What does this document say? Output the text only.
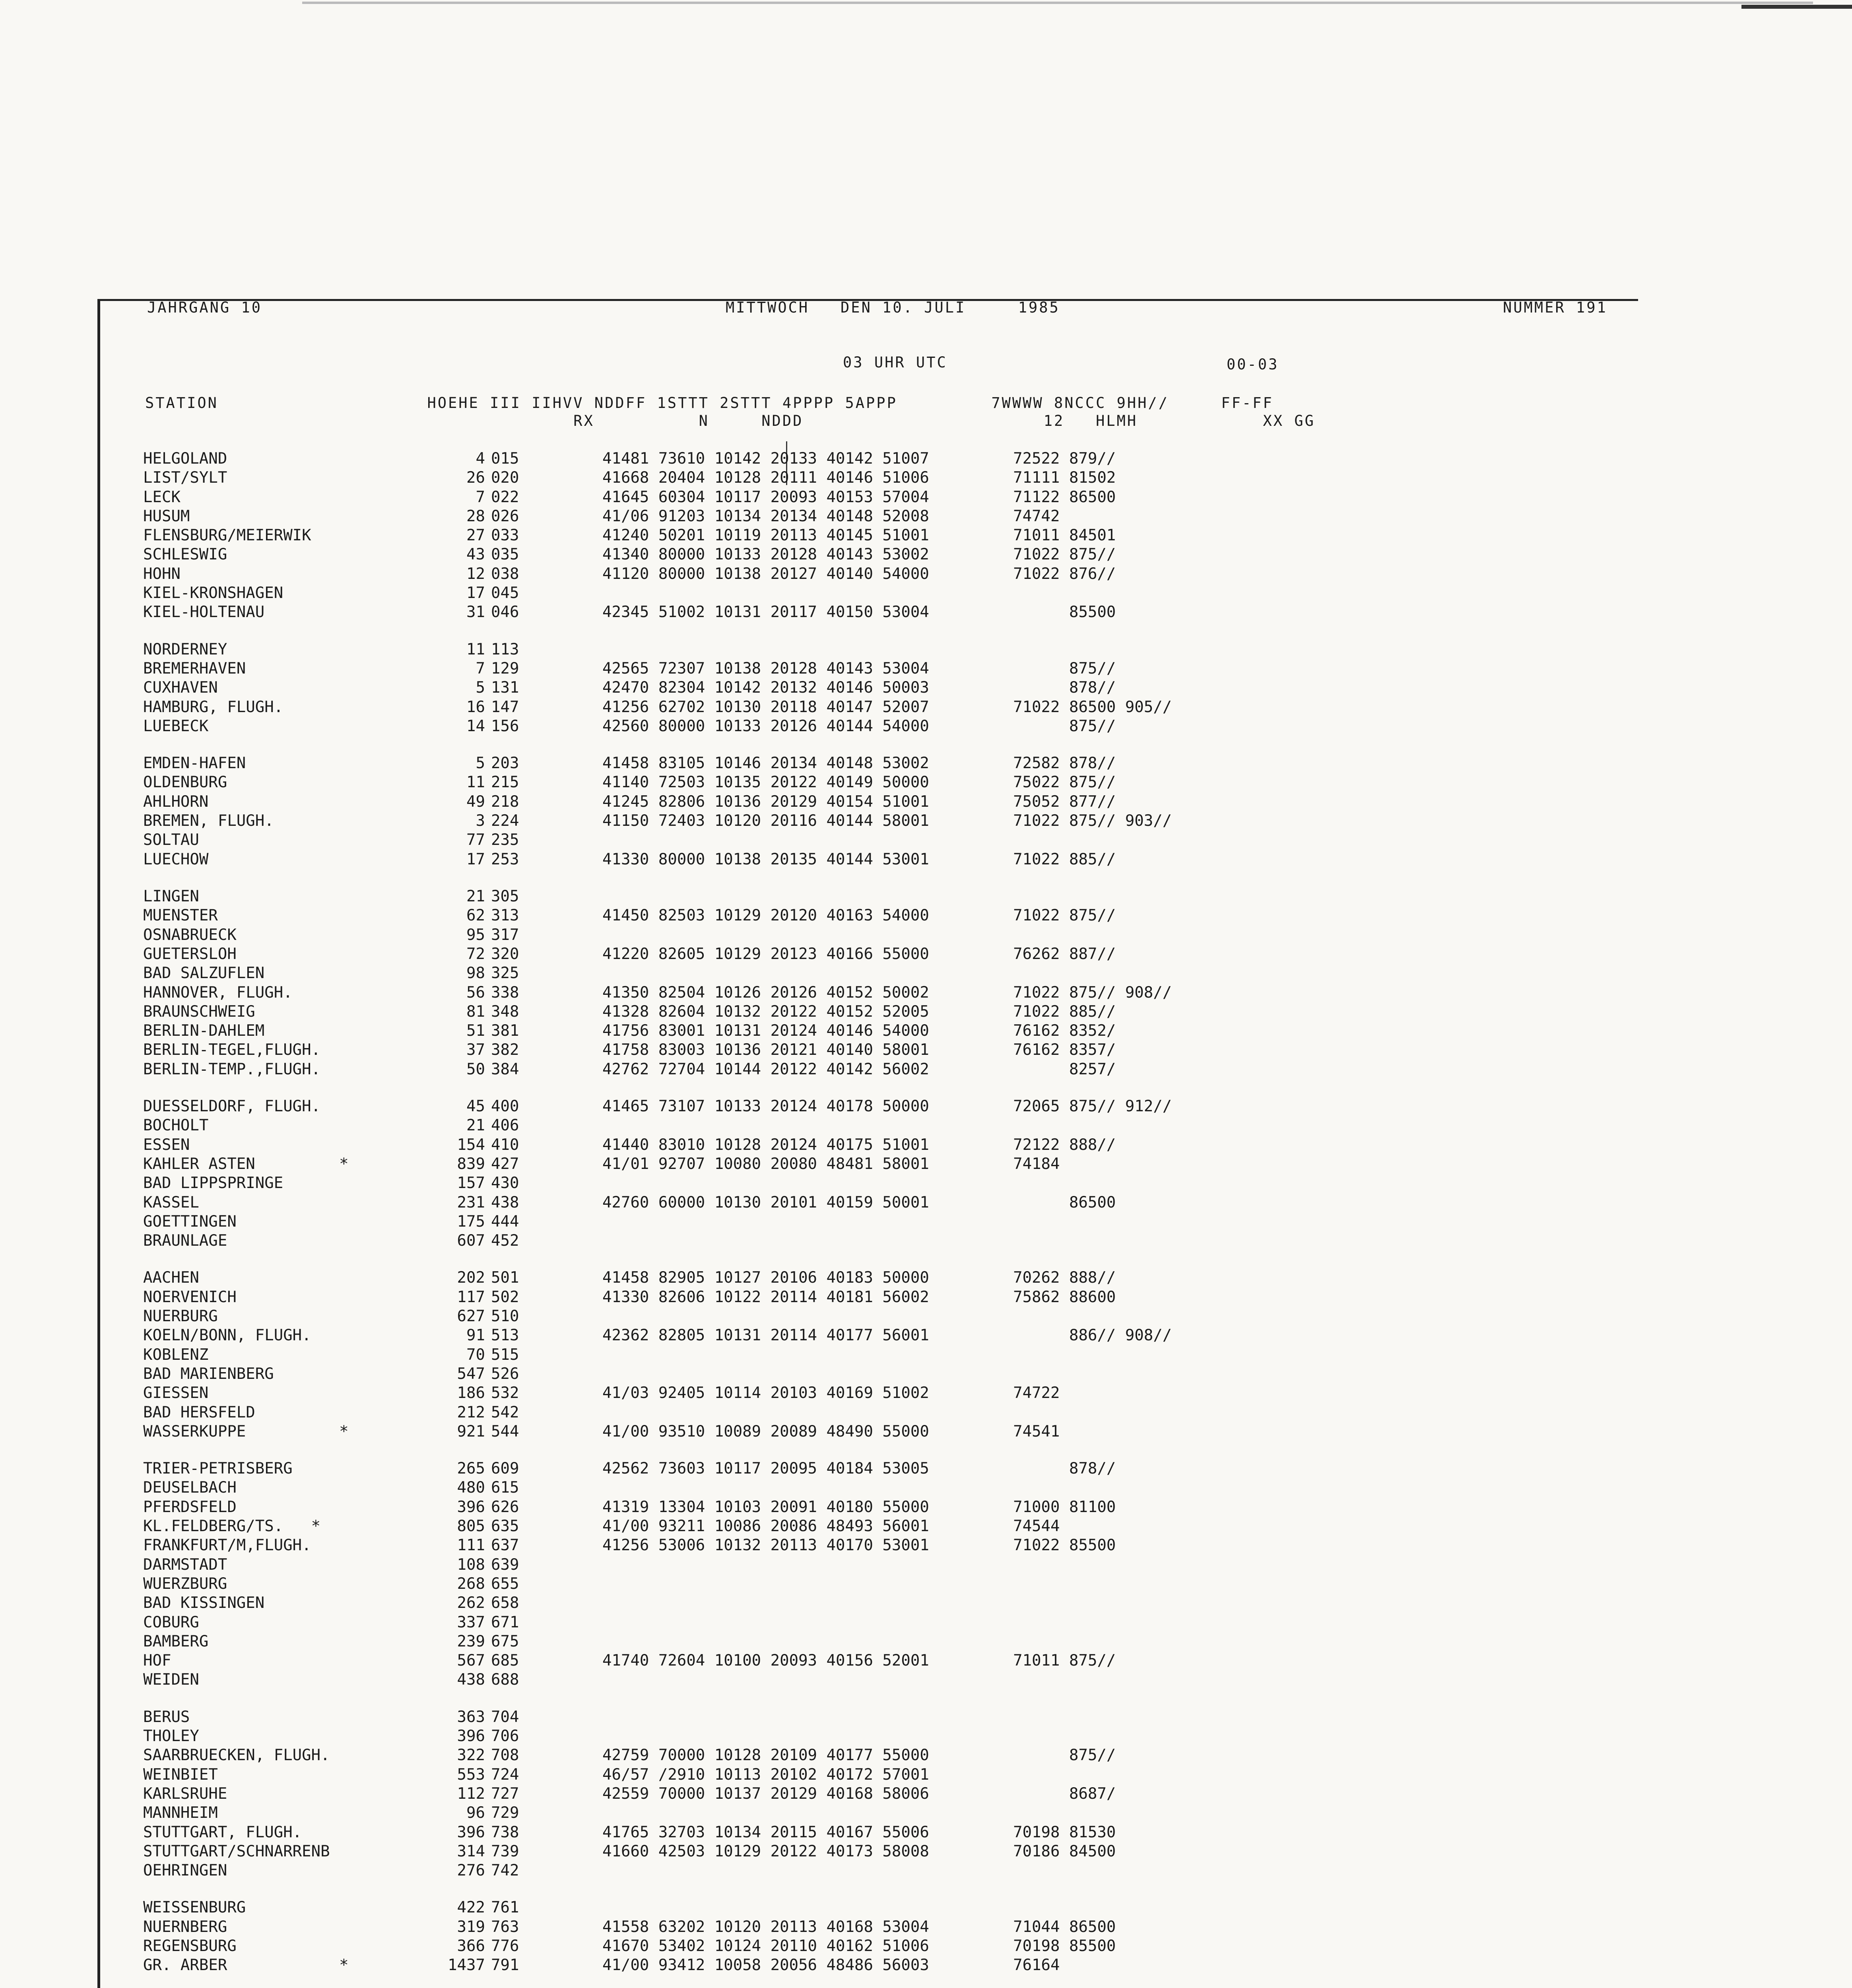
JAHRGANG 10	MITTWOCH   DEN 10. JULI     1985	NUMMER 191
03 UHR UTC	00-03
STATION                    HOEHE III IIHVV NDDFF 1STTT 2STTT 4PPPP 5APPP         7WWWW 8NCCC 9HH//     FF-FF
RX          N     NDDD                       12   HLMH            XX GG
HELGOLAND	4 015	41481 73610 10142 20133 40142 51007         72522 879//
LIST/SYLT	26 020	41668 20404 10128 20111 40146 51006         71111 81502
LECK	7 022	41645 60304 10117 20093 40153 57004         71122 86500
HUSUM	28 026	41/06 91203 10134 20134 40148 52008         74742
FLENSBURG/MEIERWIK	27 033	41240 50201 10119 20113 40145 51001         71011 84501
SCHLESWIG	43 035	41340 80000 10133 20128 40143 53002         71022 875//
HOHN	12 038	41120 80000 10138 20127 40140 54000         71022 876//
KIEL-KRONSHAGEN	17 045
KIEL-HOLTENAU	31 046	42345 51002 10131 20117 40150 53004               85500
NORDERNEY	11 113
BREMERHAVEN	7 129	42565 72307 10138 20128 40143 53004               875//
CUXHAVEN	5 131	42470 82304 10142 20132 40146 50003               878//
HAMBURG, FLUGH.	16 147	41256 62702 10130 20118 40147 52007         71022 86500 905//
LUEBECK	14 156	42560 80000 10133 20126 40144 54000               875//
EMDEN-HAFEN	5 203	41458 83105 10146 20134 40148 53002         72582 878//
OLDENBURG	11 215	41140 72503 10135 20122 40149 50000         75022 875//
AHLHORN	49 218	41245 82806 10136 20129 40154 51001         75052 877//
BREMEN, FLUGH.	3 224	41150 72403 10120 20116 40144 58001         71022 875// 903//
SOLTAU	77 235
LUECHOW	17 253	41330 80000 10138 20135 40144 53001         71022 885//
LINGEN	21 305
MUENSTER	62 313	41450 82503 10129 20120 40163 54000         71022 875//
OSNABRUECK	95 317
GUETERSLOH	72 320	41220 82605 10129 20123 40166 55000         76262 887//
BAD SALZUFLEN	98 325
HANNOVER, FLUGH.	56 338	41350 82504 10126 20126 40152 50002         71022 875// 908//
BRAUNSCHWEIG	81 348	41328 82604 10132 20122 40152 52005         71022 885//
BERLIN-DAHLEM	51 381	41756 83001 10131 20124 40146 54000         76162 8352/
BERLIN-TEGEL,FLUGH.	37 382	41758 83003 10136 20121 40140 58001         76162 8357/
BERLIN-TEMP.,FLUGH.	50 384	42762 72704 10144 20122 40142 56002               8257/
DUESSELDORF, FLUGH.	45 400	41465 73107 10133 20124 40178 50000         72065 875// 912//
BOCHOLT	21 406
ESSEN	154 410	41440 83010 10128 20124 40175 51001         72122 888//
KAHLER ASTEN         *	839 427	41/01 92707 10080 20080 48481 58001         74184
BAD LIPPSPRINGE	157 430
KASSEL	231 438	42760 60000 10130 20101 40159 50001               86500
GOETTINGEN	175 444
BRAUNLAGE	607 452
AACHEN	202 501	41458 82905 10127 20106 40183 50000         70262 888//
NOERVENICH	117 502	41330 82606 10122 20114 40181 56002         75862 88600
NUERBURG	627 510
KOELN/BONN, FLUGH.	91 513	42362 82805 10131 20114 40177 56001               886// 908//
KOBLENZ	70 515
BAD MARIENBERG	547 526
GIESSEN	186 532	41/03 92405 10114 20103 40169 51002         74722
BAD HERSFELD	212 542
WASSERKUPPE          *	921 544	41/00 93510 10089 20089 48490 55000         74541
TRIER-PETRISBERG	265 609	42562 73603 10117 20095 40184 53005               878//
DEUSELBACH	480 615
PFERDSFELD	396 626	41319 13304 10103 20091 40180 55000         71000 81100
KL.FELDBERG/TS.   *	805 635	41/00 93211 10086 20086 48493 56001         74544
FRANKFURT/M,FLUGH.	111 637	41256 53006 10132 20113 40170 53001         71022 85500
DARMSTADT	108 639
WUERZBURG	268 655
BAD KISSINGEN	262 658
COBURG	337 671
BAMBERG	239 675
HOF	567 685	41740 72604 10100 20093 40156 52001         71011 875//
WEIDEN	438 688
BERUS	363 704
THOLEY	396 706
SAARBRUECKEN, FLUGH.	322 708	42759 70000 10128 20109 40177 55000               875//
WEINBIET	553 724	46/57 /2910 10113 20102 40172 57001
KARLSRUHE	112 727	42559 70000 10137 20129 40168 58006               8687/
MANNHEIM	96 729
STUTTGART, FLUGH.	396 738	41765 32703 10134 20115 40167 55006         70198 81530
STUTTGART/SCHNARRENB	314 739	41660 42503 10129 20122 40173 58008         70186 84500
OEHRINGEN	276 742
WEISSENBURG	422 761
NUERNBERG	319 763	41558 63202 10120 20113 40168 53004         71044 86500
REGENSBURG	366 776	41670 53402 10124 20110 40162 51006         70198 85500
GR. ARBER            *	1437 791	41/00 93412 10058 20056 48486 56003         76164
